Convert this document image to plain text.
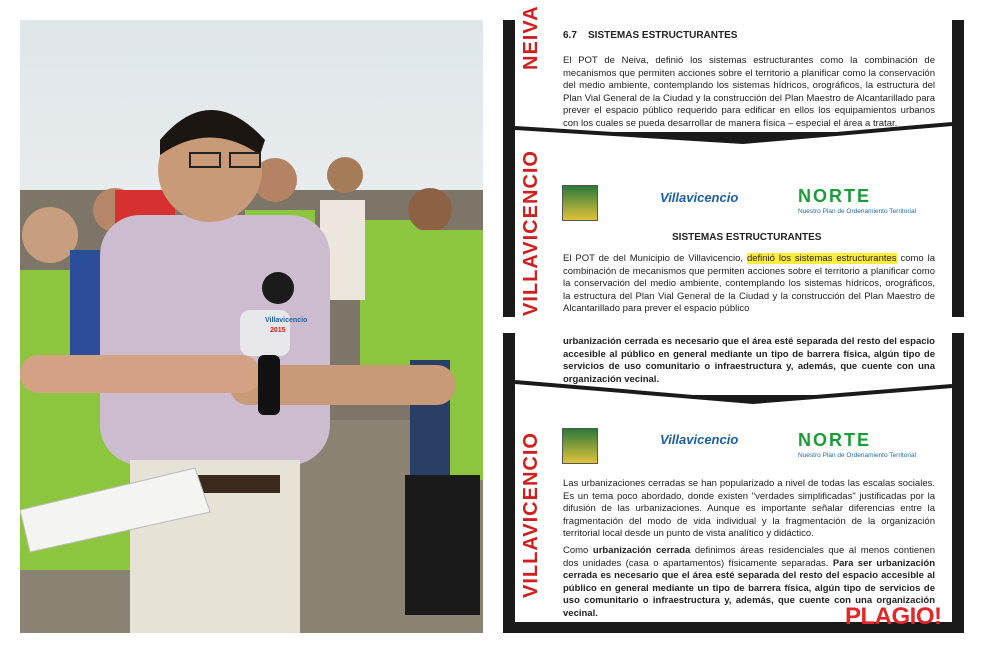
Villavicencio
2015
NEIVA 6.7 SISTEMAS ESTRUCTURANTES
El POT de Neiva, definió los sistemas estructurantes como la combinación de mecanismos que permiten acciones sobre el territorio a planificar como la conservación del medio ambiente, contemplando los sistemas hídricos, orográficos, la estructura del Plan Vial General de la Ciudad y la construcción del Plan Maestro de Alcantarillado para prever el espacio público requerido para edificar en ellos los equipamientos urbanos con los cuales se pueda desarrollar de manera física – especial el área a tratar.
VILLAVICENCIO	Villavicencio	NORTE
Nuestro Plan de Ordenamiento Territorial
SISTEMAS ESTRUCTURANTES
El POT de del Municipio de Villavicencio, definió los sistemas estructurantes como la combinación de mecanismos que permiten acciones sobre el territorio a planificar como la conservación del medio ambiente, contemplando los sistemas hídricos, orográficos, la estructura del Plan Vial General de la Ciudad y la construcción del Plan Maestro de Alcantarillado para prever el espacio público
urbanización cerrada es necesario que el área esté separada del resto del espacio accesible al público en general mediante un tipo de barrera física, algún tipo de servicios de uso comunitario o infraestructura y, además, que cuente con una organización vecinal.
VILLAVICENCIO	Villavicencio	NORTE
Nuestro Plan de Ordenamiento Territorial
Las urbanizaciones cerradas se han popularizado a nivel de todas las escalas sociales. Es un tema poco abordado, donde existen "verdades simplificadas" justificadas por la difusión de las urbanizaciones. Aunque es importante señalar diferencias entre la fragmentación del modo de vida individual y la fragmentación de la organización territorial local desde un punto de vista analítico y didáctico.
Como urbanización cerrada definimos áreas residenciales que al menos contienen dos unidades (casa o apartamentos) físicamente separadas. Para ser urbanización cerrada es necesario que el área esté separada del resto del espacio accesible al público en general mediante un tipo de barrera física, algún tipo de servicios de uso comunitario o infraestructura y, además, que cuente con una organización vecinal.	PLAGIO!
